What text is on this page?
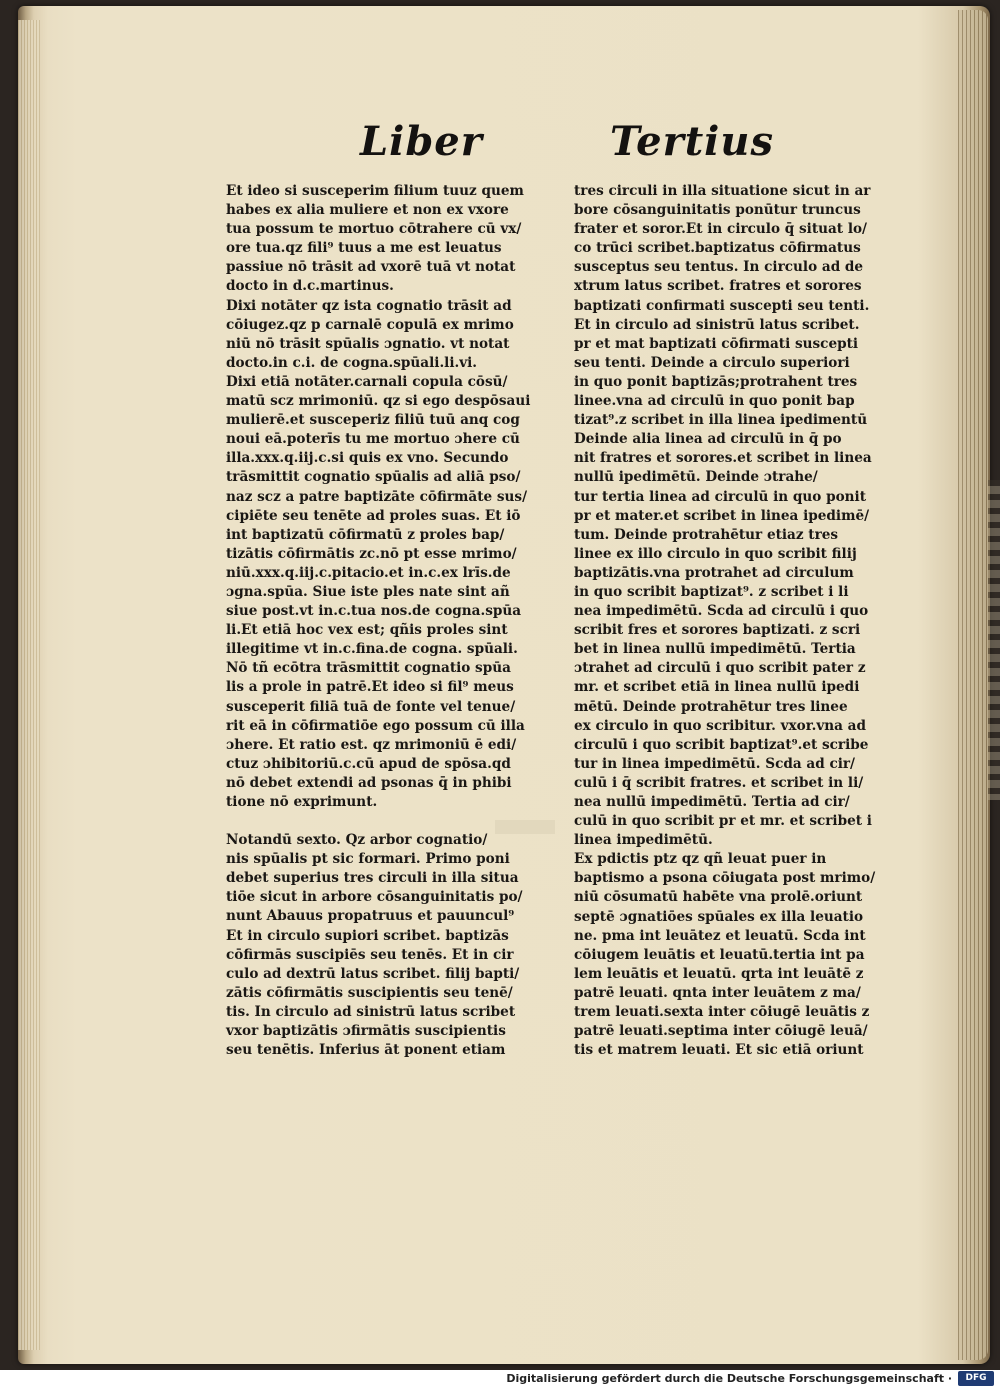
Liber	Tertius
Et ideo si susceperim filium tuuz quem
habes ex alia muliere et non ex vxore
tua possum te mortuo cōtrahere cū vx/
ore tua.qz fili⁹ tuus a me est leuatus
passiue nō trāsit ad vxorē tuā vt notat
docto in d.c.martinus.
Dixi notāter qz ista cognatio trāsit ad
cōiugez.qz p carnalē copulā ex mrimo
niū nō trāsit spūalis ɔgnatio. vt notat
docto.in c.i. de cogna.spūali.li.vi.
Dixi etiā notāter.carnali copula cōsū/
matū scz mrimoniū. qz si ego despōsaui
mulierē.et susceperiz filiū tuū anq cog
noui eā.poterīs tu me mortuo ɔhere cū
illa.xxx.q.iij.c.si quis ex vno. Secundo
trāsmittit cognatio spūalis ad aliā pso/
naz scz a patre baptizāte cōfirmāte sus/
cipiēte seu tenēte ad proles suas. Et iō
int baptizatū cōfirmatū z proles bap/
tizātis cōfirmātis zc.nō pt esse mrimo/
niū.xxx.q.iij.c.pitacio.et in.c.ex lrīs.de
ɔgna.spūa. Siue iste ples nate sint añ
siue post.vt in.c.tua nos.de cogna.spūa
li.Et etiā hoc vex est; qñis proles sint
illegitime vt in.c.fina.de cogna. spūali.
Nō tñ ecōtra trāsmittit cognatio spūa
lis a prole in patrē.Et ideo si fil⁹ meus
susceperit filiā tuā de fonte vel tenue/
rit eā in cōfirmatiōe ego possum cū illa
ɔhere. Et ratio est. qz mrimoniū ē edi/
ctuz ɔhibitoriū.c.cū apud de spōsa.qd
nō debet extendi ad psonas q̄ in phibi
tione nō exprimunt.
Notandū sexto. Qz arbor cognatio/
nis spūalis pt sic formari. Primo poni
debet superius tres circuli in illa situa
tiōe sicut in arbore cōsanguinitatis po/
nunt Abauus propatruus et pauuncul⁹
Et in circulo supiori scribet. baptizās
cōfirmās suscipiēs seu tenēs. Et in cir
culo ad dextrū latus scribet. filij bapti/
zātis cōfirmātis suscipientis seu tenē/
tis. In circulo ad sinistrū latus scribet
vxor baptizātis ɔfirmātis suscipientis
seu tenētis. Inferius āt ponent etiam
tres circuli in illa situatione sicut in ar
bore cōsanguinitatis ponūtur truncus
frater et soror.Et in circulo q̄ situat lo/
co trūci scribet.baptizatus cōfirmatus
susceptus seu tentus. In circulo ad de
xtrum latus scribet. fratres et sorores
baptizati confirmati suscepti seu tenti.
Et in circulo ad sinistrū latus scribet.
pr et mat baptizati cōfirmati suscepti
seu tenti. Deinde a circulo superiori
in quo ponit baptizās;protrahent tres
linee.vna ad circulū in quo ponit bap
tizat⁹.z scribet in illa linea ipedimentū
Deinde alia linea ad circulū in q̄ po
nit fratres et sorores.et scribet in linea
nullū ipedimētū. Deinde ɔtrahe/
tur tertia linea ad circulū in quo ponit
pr et mater.et scribet in linea ipedimē/
tum. Deinde protrahētur etiaz tres
linee ex illo circulo in quo scribit filij
baptizātis.vna protrahet ad circulum
in quo scribit baptizat⁹. z scribet i li
nea impedimētū. Scda ad circulū i quo
scribit fres et sorores baptizati. z scri
bet in linea nullū impedimētū. Tertia
ɔtrahet ad circulū i quo scribit pater z
mr. et scribet etiā in linea nullū ipedi
mētū. Deinde protrahētur tres linee
ex circulo in quo scribitur. vxor.vna ad
circulū i quo scribit baptizat⁹.et scribe
tur in linea impedimētū. Scda ad cir/
culū i q̄ scribit fratres. et scribet in li/
nea nullū impedimētū. Tertia ad cir/
culū in quo scribit pr et mr. et scribet i
linea impedimētū.
Ex pdictis ptz qz qñ leuat puer in
baptismo a psona cōiugata post mrimo/
niū cōsumatū habēte vna prolē.oriunt
septē ɔgnatiōes spūales ex illa leuatio
ne. pma int leuātez et leuatū. Scda int
cōiugem leuātis et leuatū.tertia int pa
lem leuātis et leuatū. qrta int leuātē z
patrē leuati. qnta inter leuātem z ma/
trem leuati.sexta inter cōiugē leuātis z
patrē leuati.septima inter cōiugē leuā/
tis et matrem leuati. Et sic etiā oriunt
Digitalisierung gefördert durch die Deutsche Forschungsgemeinschaft ·	DFG
